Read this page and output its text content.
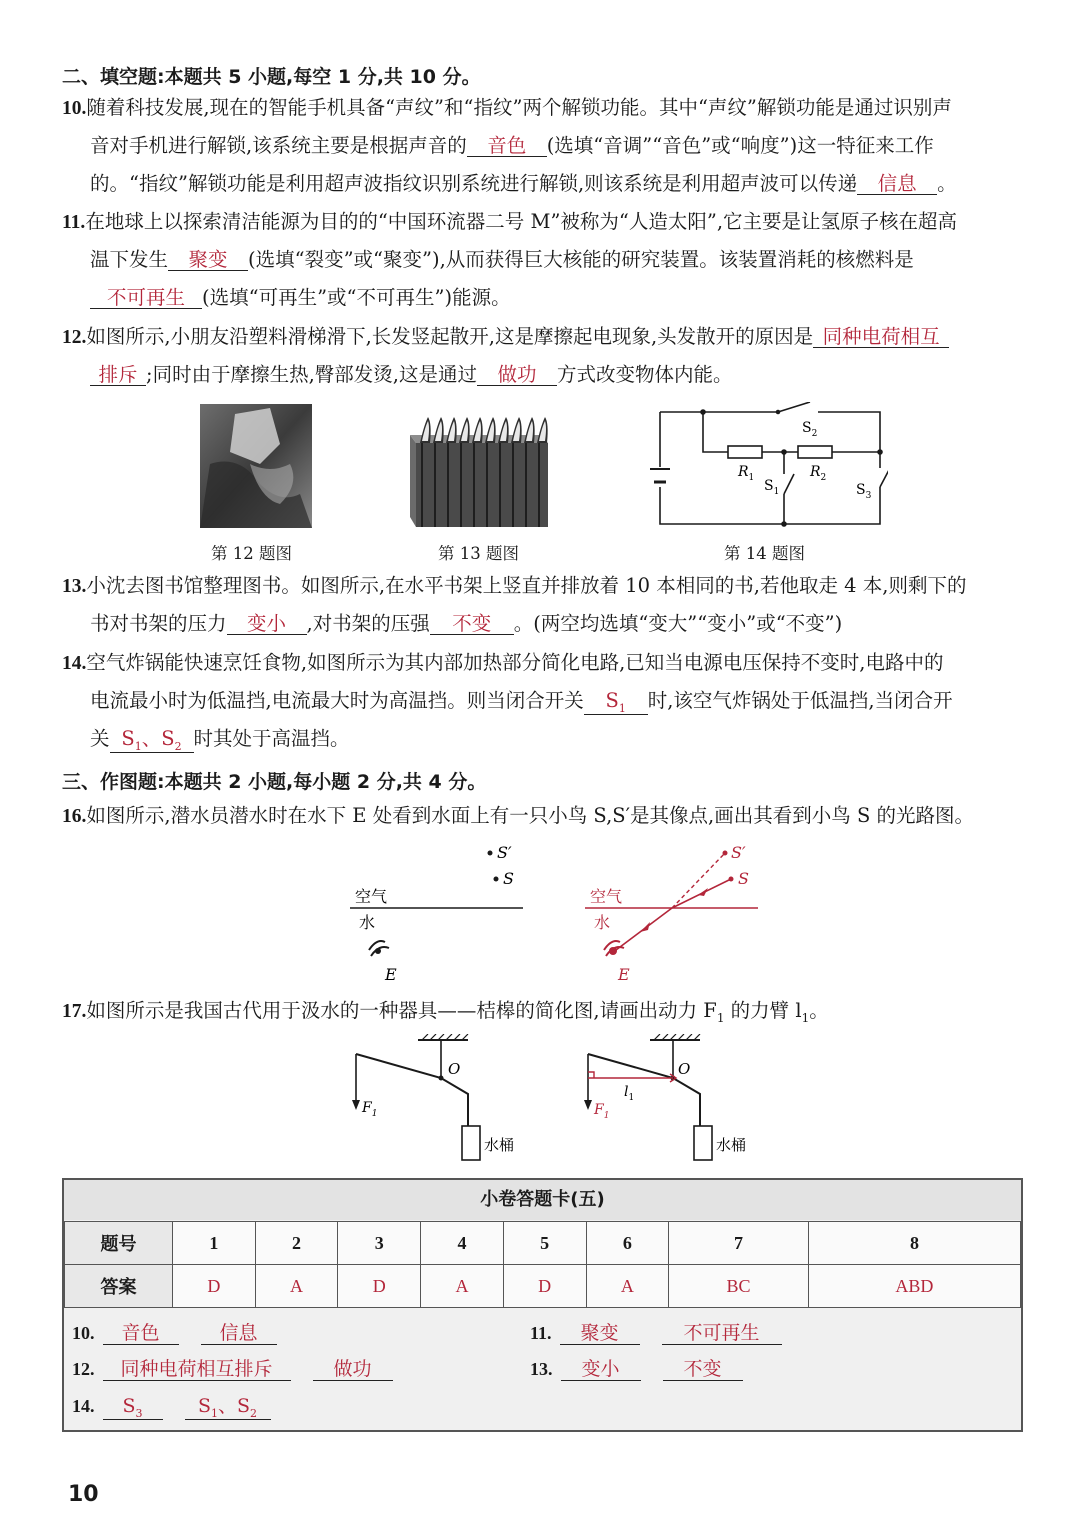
二、填空题:本题共 5 小题,每空 1 分,共 10 分。
10.随着科技发展,现在的智能手机具备“声纹”和“指纹”两个解锁功能。其中“声纹”解锁功能是通过识别声
音对手机进行解锁,该系统主要是根据声音的 音色 (选填“音调”“音色”或“响度”)这一特征来工作
的。“指纹”解锁功能是利用超声波指纹识别系统进行解锁,则该系统是利用超声波可以传递 信息 。
11.在地球上以探索清洁能源为目的的“中国环流器二号 M”被称为“人造太阳”,它主要是让氢原子核在超高
温下发生 聚变 (选填“裂变”或“聚变”),从而获得巨大核能的研究装置。该装置消耗的核燃料是
不可再生 (选填“可再生”或“不可再生”)能源。
12.如图所示,小朋友沿塑料滑梯滑下,长发竖起散开,这是摩擦起电现象,头发散开的原因是 同种电荷相互
排斥 ;同时由于摩擦生热,臀部发烫,这是通过 做功 方式改变物体内能。
$S_2$
$R_1$	$R_2$
$S_1$	$S_3$
第 12 题图	第 13 题图	第 14 题图
13.小沈去图书馆整理图书。如图所示,在水平书架上竖直并排放着 10 本相同的书,若他取走 4 本,则剩下的
书对书架的压力 变小 ,对书架的压强 不变 。(两空均选填“变大”“变小”或“不变”)
14.空气炸锅能快速烹饪食物,如图所示为其内部加热部分简化电路,已知当电源电压保持不变时,电路中的
电流最小时为低温挡,电流最大时为高温挡。则当闭合开关 $S_1$ 时,该空气炸锅处于低温挡,当闭合开
关 $S_1$、$S_2$ 时其处于高温挡。
三、作图题:本题共 2 小题,每小题 2 分,共 4 分。
16.如图所示,潜水员潜水时在水下 E 处看到水面上有一只小鸟 S,S′是其像点,画出其看到小鸟 S 的光路图。
S′
S
空气
水
E
S′
S
空气
水
E
17.如图所示是我国古代用于汲水的一种器具——桔槔的简化图,请画出动力 $F_1$ 的力臂 $l_1$。
O
$F_1$
水桶
O
$F_1$
$l_1$
水桶
小卷答题卡(五)
题号	1	2	3	4	5	6	7	8
答案	D	A	D	A	D	A	BC	ABD
10. 音色	信息	11. 聚变	不可再生
12. 同种电荷相互排斥	做功	13. 变小	不变
14. $S_3$	$S_1$、$S_2$
10
